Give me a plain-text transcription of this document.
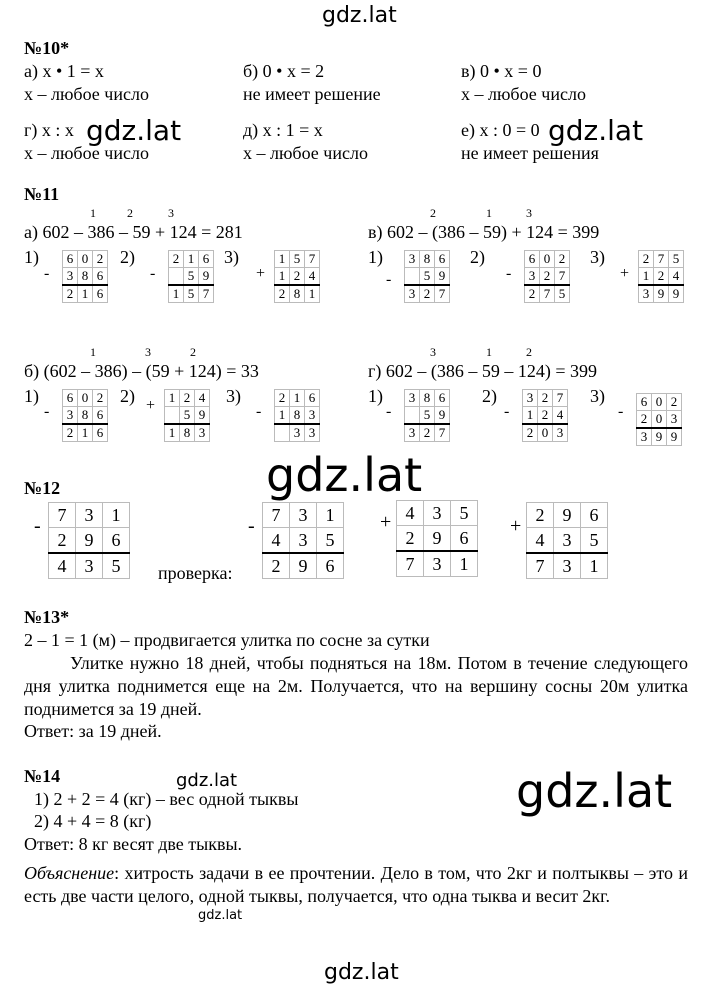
gdz.lat
gdz.lat
gdz.lat
gdz.lat
gdz.lat
gdz.lat
№10*
а) x • 1 = x
x – любое число
б) 0 • x = 2
не имеет решение
в) 0 • x = 0
x – любое число
г) x : x gdz.lat
x – любое число
д) x : 1 = x
x – любое число
е) x : 0 = 0 gdz.lat
не имеет решения
№11
1	2	3
а) 602 – 386 – 59 + 124 = 281
2	1	3
в) 602 – (386 – 59) + 124 = 399
1)
-
6	0	2
3	8	6
2	1	6
2)
-
2	1	6
	5	9
1	5	7
3)
+
1	5	7
1	2	4
2	8	1
1)
-
3	8	6
	5	9
3	2	7
2)
-
6	0	2
3	2	7
2	7	5
3)
+
2	7	5
1	2	4
3	9	9
1	3	2
б) (602 – 386) – (59 + 124) = 33
3	1	2
г) 602 – (386 – 59 – 124) = 399
1)
-
6	0	2
3	8	6
2	1	6
2) + 1	2	4
	5	9
1	8	3
3)
-
2	1	6
1	8	3
	3	3
1)
-
3	8	6
	5	9
3	2	7
2)
-
3	2	7
1	2	4
2	0	3
3)
-
6	0	2
2	0	3
3	9	9
№12
-
7	3	1
2	9	6
4	3	5 проверка:
-
7	3	1
4	3	5
2	9	6
+ 4	3	5
2	9	6
7	3	1
+
2	9	6
4	3	5
7	3	1
№13*
2 – 1 = 1 (м) – продвигается улитка по сосне за сутки
Улитке нужно 18 дней, чтобы подняться на 18м. Потом в течение следующего дня улитка поднимется еще на 2м. Получается, что на вершину сосны 20м улитка поднимется за 19 дней.
Ответ: за 19 дней.
№14
1) 2 + 2 = 4 (кг) – вес одной тыквы
2) 4 + 4 = 8 (кг)
Ответ: 8 кг весят две тыквы.
Объяснение: хитрость задачи в ее прочтении. Дело в том, что 2кг и полтыквы – это и есть две части целого, одной тыквы, получается, что одна тыква и весит 2кг.
